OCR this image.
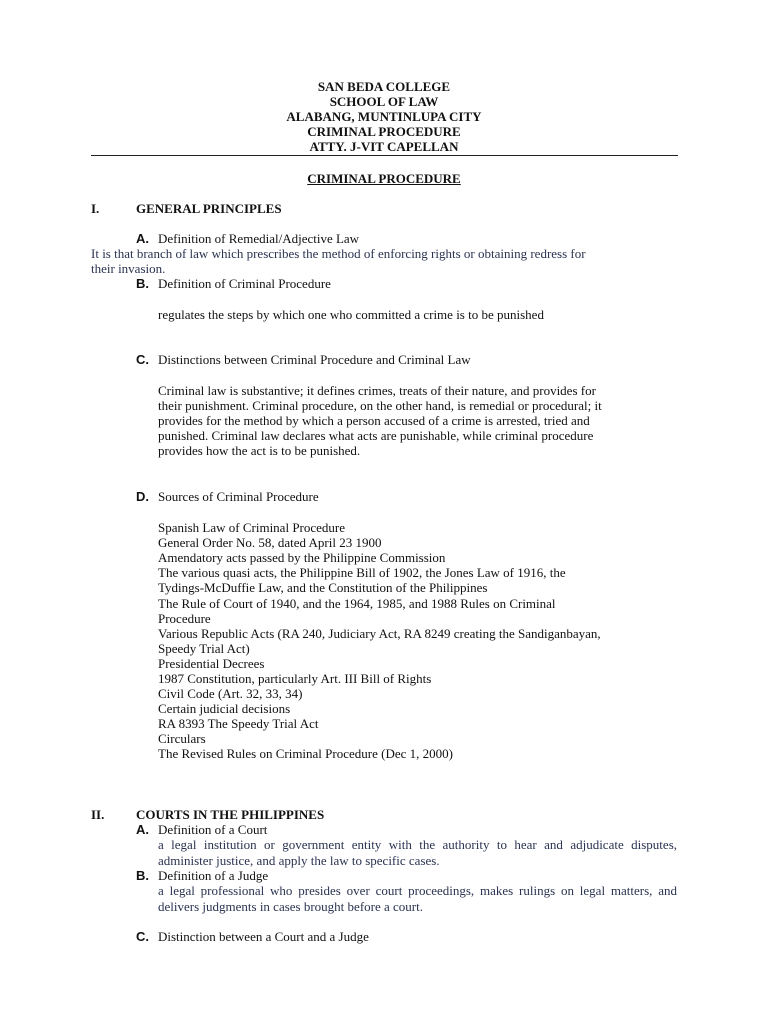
SAN BEDA COLLEGE
SCHOOL OF LAW
ALABANG, MUNTINLUPA CITY
CRIMINAL PROCEDURE
ATTY. J-VIT CAPELLAN
CRIMINAL PROCEDURE
I.	GENERAL PRINCIPLES
A. Definition of Remedial/Adjective Law
It is that branch of law which prescribes the method of enforcing rights or obtaining redress for
their invasion.
B. Definition of Criminal Procedure
regulates the steps by which one who committed a crime is to be punished
C. Distinctions between Criminal Procedure and Criminal Law
Criminal law is substantive; it defines crimes, treats of their nature, and provides for
their punishment. Criminal procedure, on the other hand, is remedial or procedural; it
provides for the method by which a person accused of a crime is arrested, tried and
punished. Criminal law declares what acts are punishable, while criminal procedure
provides how the act is to be punished.
D. Sources of Criminal Procedure
Spanish Law of Criminal Procedure
General Order No. 58, dated April 23 1900
Amendatory acts passed by the Philippine Commission
The various quasi acts, the Philippine Bill of 1902, the Jones Law of 1916, the
Tydings-McDuffie Law, and the Constitution of the Philippines
The Rule of Court of 1940, and the 1964, 1985, and 1988 Rules on Criminal
Procedure
Various Republic Acts (RA 240, Judiciary Act, RA 8249 creating the Sandiganbayan,
Speedy Trial Act)
Presidential Decrees
1987 Constitution, particularly Art. III Bill of Rights
Civil Code (Art. 32, 33, 34)
Certain judicial decisions
RA 8393 The Speedy Trial Act
Circulars
The Revised Rules on Criminal Procedure (Dec 1, 2000)
II. COURTS IN THE PHILIPPINES
A. Definition of a Court
a legal institution or government entity with the authority to hear and adjudicate disputes, administer justice, and apply the law to specific cases.
B. Definition of a Judge
a legal professional who presides over court proceedings, makes rulings on legal matters, and delivers judgments in cases brought before a court.
C. Distinction between a Court and a Judge
